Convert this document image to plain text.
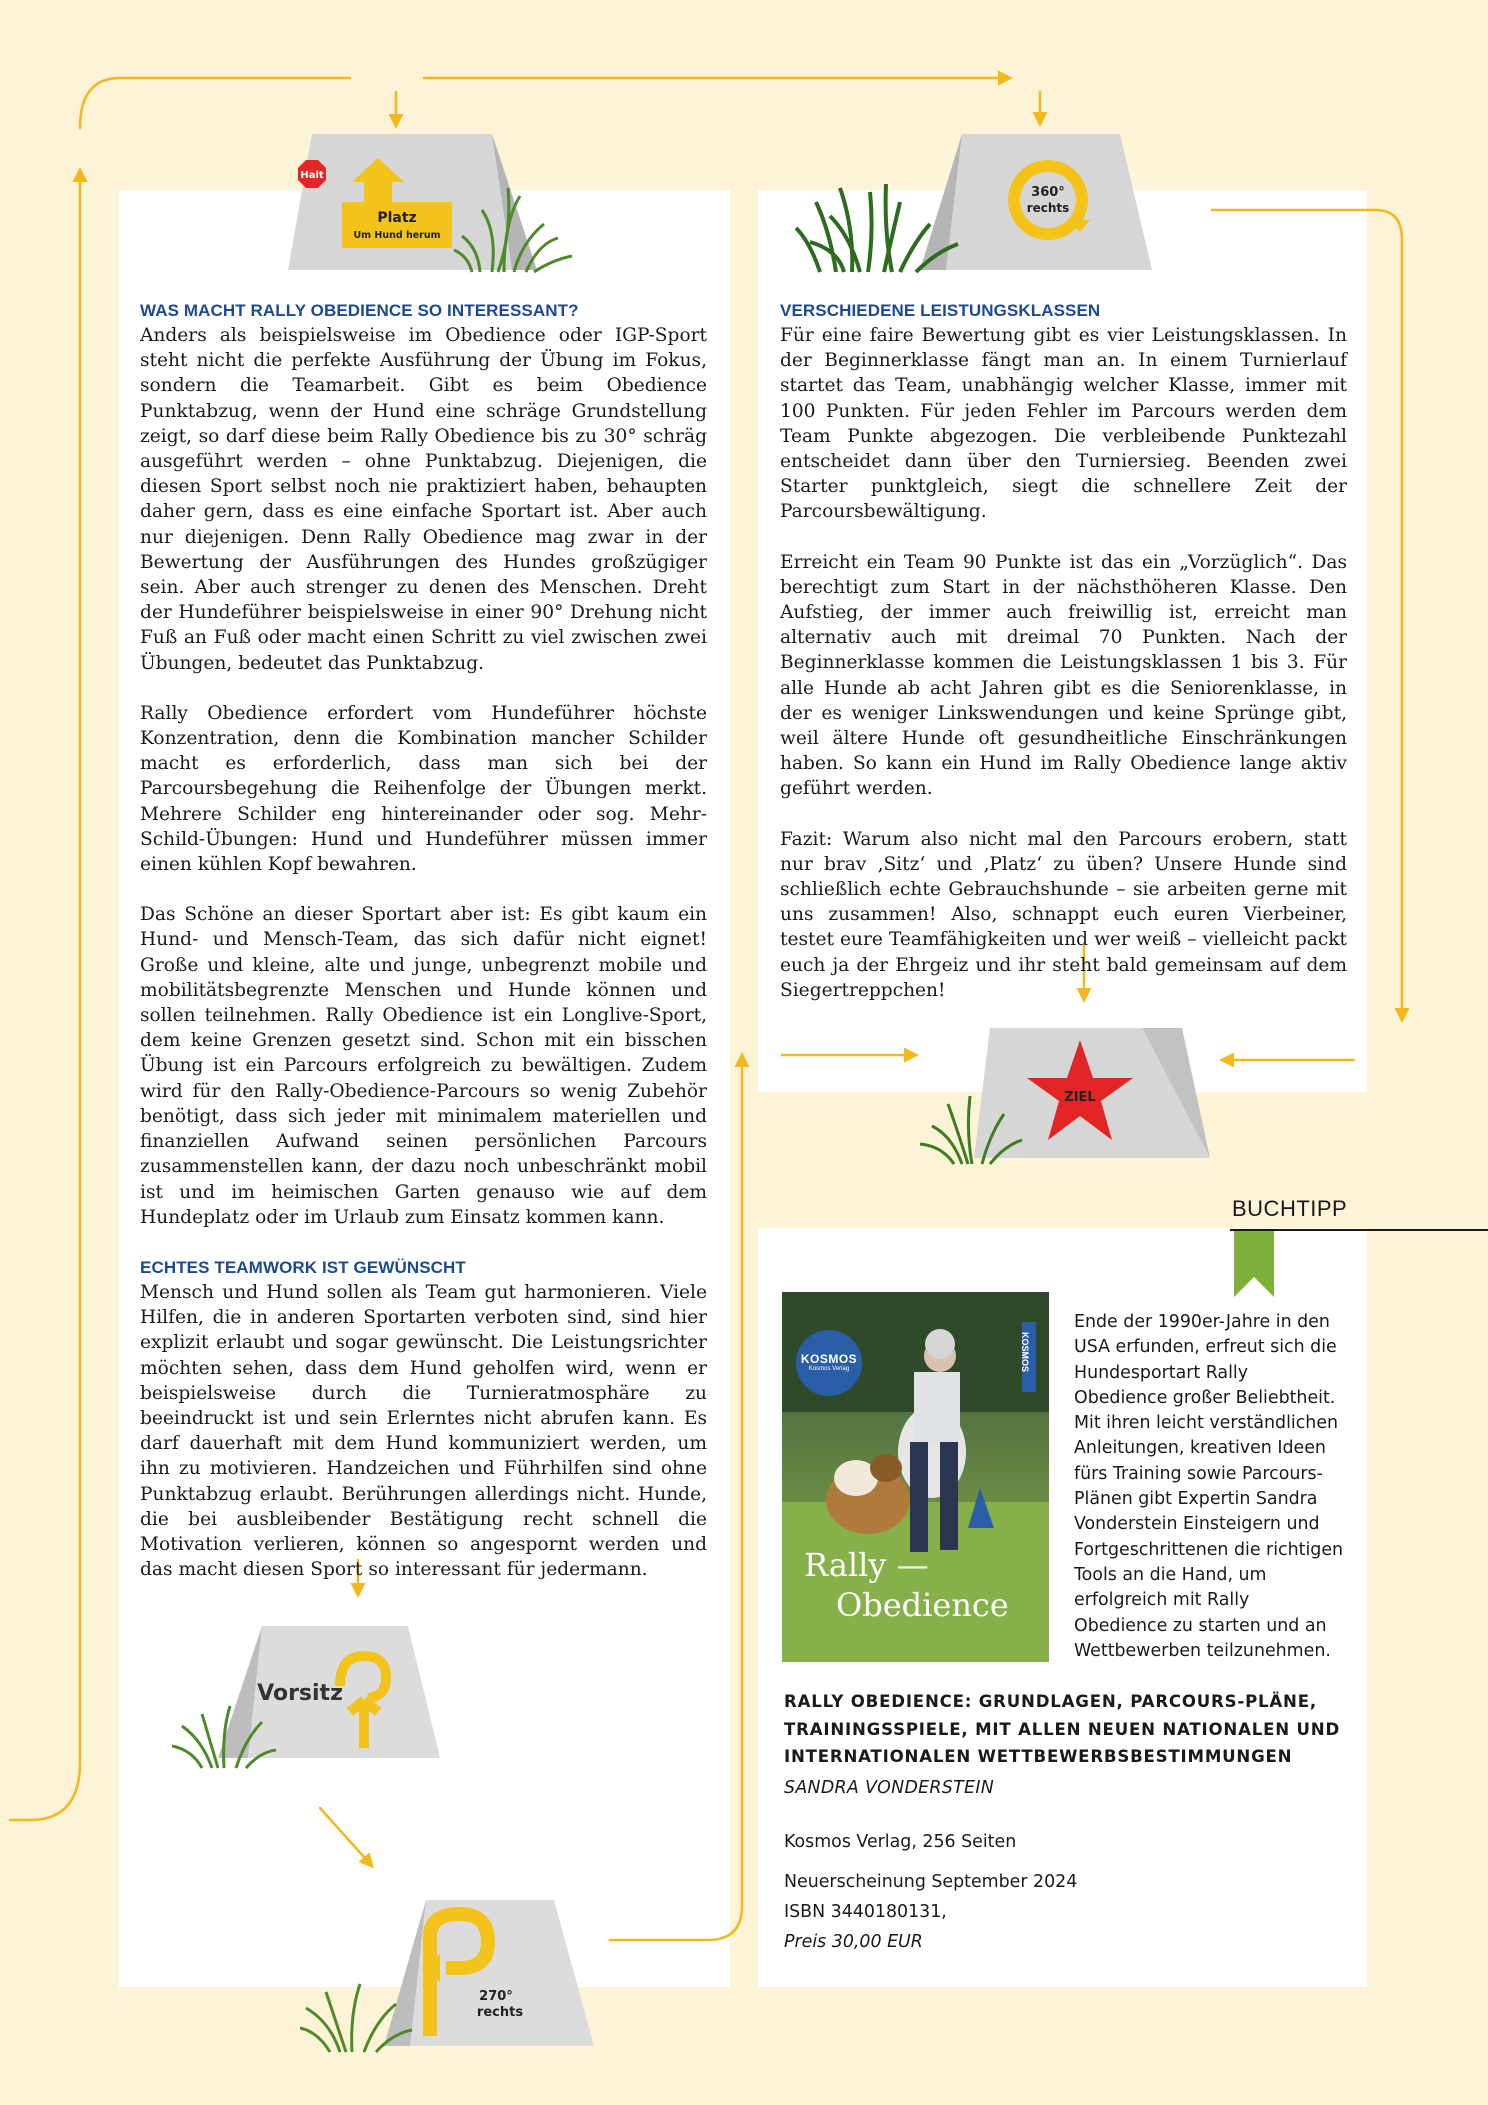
Halt
Platz
Um Hund herum
360°
rechts
ZIEL
Vorsitz
270°
rechts
WAS MACHT RALLY OBEDIENCE SO INTERESSANT?

Anders als beispielsweise im Obedience oder IGP-Sport steht nicht die perfekte Ausführung der Übung im Fokus, sondern die Teamarbeit. Gibt es beim Obedience Punktabzug, wenn der Hund eine schräge Grundstellung zeigt, so darf diese beim Rally Obedience bis zu 30° schräg ausgeführt werden – ohne Punktabzug. Diejenigen, die diesen Sport selbst noch nie praktiziert haben, behaupten daher gern, dass es eine einfache Sportart ist. Aber auch nur diejenigen. Denn Rally Obedience mag zwar in der Bewertung der Ausführungen des Hundes großzügiger sein. Aber auch strenger zu denen des Menschen. Dreht der Hundeführer beispielsweise in einer 90° Drehung nicht Fuß an Fuß oder macht einen Schritt zu viel zwischen zwei Übungen, bedeutet das Punktabzug.

Rally Obedience erfordert vom Hundeführer höchste Konzentration, denn die Kombination mancher Schilder macht es erforderlich, dass man sich bei der Parcoursbegehung die Reihenfolge der Übungen merkt. Mehrere Schilder eng hintereinander oder sog. Mehr-Schild-Übungen: Hund und Hundeführer müssen immer einen kühlen Kopf bewahren.

Das Schöne an dieser Sportart aber ist: Es gibt kaum ein Hund- und Mensch-Team, das sich dafür nicht eignet! Große und kleine, alte und junge, unbegrenzt mobile und mobilitätsbegrenzte Menschen und Hunde können und sollen teilnehmen. Rally Obedience ist ein Longlive-Sport, dem keine Grenzen gesetzt sind. Schon mit ein bisschen Übung ist ein Parcours erfolgreich zu bewältigen. Zudem wird für den Rally-Obedience-Parcours so wenig Zubehör benötigt, dass sich jeder mit minimalem materiellen und finanziellen Aufwand seinen persönlichen Parcours zusammenstellen kann, der dazu noch unbeschränkt mobil ist und im heimischen Garten genauso wie auf dem Hundeplatz oder im Urlaub zum Einsatz kommen kann.

ECHTES TEAMWORK IST GEWÜNSCHT

Mensch und Hund sollen als Team gut harmonieren. Viele Hilfen, die in anderen Sportarten verboten sind, sind hier explizit erlaubt und sogar gewünscht. Die Leistungsrichter möchten sehen, dass dem Hund geholfen wird, wenn er beispielsweise durch die Turnieratmosphäre zu beeindruckt ist und sein Erlerntes nicht abrufen kann. Es darf dauerhaft mit dem Hund kommuniziert werden, um ihn zu motivieren. Handzeichen und Führhilfen sind ohne Punktabzug erlaubt. Berührungen allerdings nicht. Hunde, die bei ausbleibender Bestätigung recht schnell die Motivation verlieren, können so angespornt werden und das macht diesen Sport so interessant für jedermann.

VERSCHIEDENE LEISTUNGSKLASSEN

Für eine faire Bewertung gibt es vier Leistungsklassen. In der Beginnerklasse fängt man an. In einem Turnierlauf startet das Team, unabhängig welcher Klasse, immer mit 100 Punkten. Für jeden Fehler im Parcours werden dem Team Punkte abgezogen. Die verbleibende Punktezahl entscheidet dann über den Turniersieg. Beenden zwei Starter punktgleich, siegt die schnellere Zeit der Parcoursbewältigung.

Erreicht ein Team 90 Punkte ist das ein „Vorzüglich“. Das berechtigt zum Start in der nächsthöheren Klasse. Den Aufstieg, der immer auch freiwillig ist, erreicht man alternativ auch mit dreimal 70 Punkten. Nach der Beginnerklasse kommen die Leistungsklassen 1 bis 3. Für alle Hunde ab acht Jahren gibt es die Seniorenklasse, in der es weniger Linkswendungen und keine Sprünge gibt, weil ältere Hunde oft gesundheitliche Einschränkungen haben. So kann ein Hund im Rally Obedience lange aktiv geführt werden.

Fazit: Warum also nicht mal den Parcours erobern, statt nur brav ‚Sitz‘ und ‚Platz‘ zu üben? Unsere Hunde sind schließlich echte Gebrauchshunde – sie arbeiten gerne mit uns zusammen! Also, schnappt euch euren Vierbeiner, testet eure Teamfähigkeiten und wer weiß – vielleicht packt euch ja der Ehrgeiz und ihr steht bald gemeinsam auf dem Siegertreppchen!

BUCHTIPP
KOSMOS
Kosmos Verlag	KOSMOS
Rally —
Obedience
Ende der 1990er-Jahre in den USA erfunden, erfreut sich die Hundesportart Rally Obedience großer Beliebtheit. Mit ihren leicht verständlichen Anleitungen, kreativen Ideen fürs Training sowie Parcours-Plänen gibt Expertin Sandra Vonderstein Einsteigern und Fortgeschrittenen die richtigen Tools an die Hand, um erfolgreich mit Rally Obedience zu starten und an Wettbewerben teilzunehmen.
RALLY OBEDIENCE: GRUNDLAGEN, PARCOURS-PLÄNE,
TRAININGSSPIELE, MIT ALLEN NEUEN NATIONALEN UND
INTERNATIONALEN WETTBEWERBSBESTIMMUNGEN
SANDRA VONDERSTEIN
Kosmos Verlag, 256 Seiten
Neuerscheinung September 2024
ISBN 3440180131,
Preis 30,00 EUR
